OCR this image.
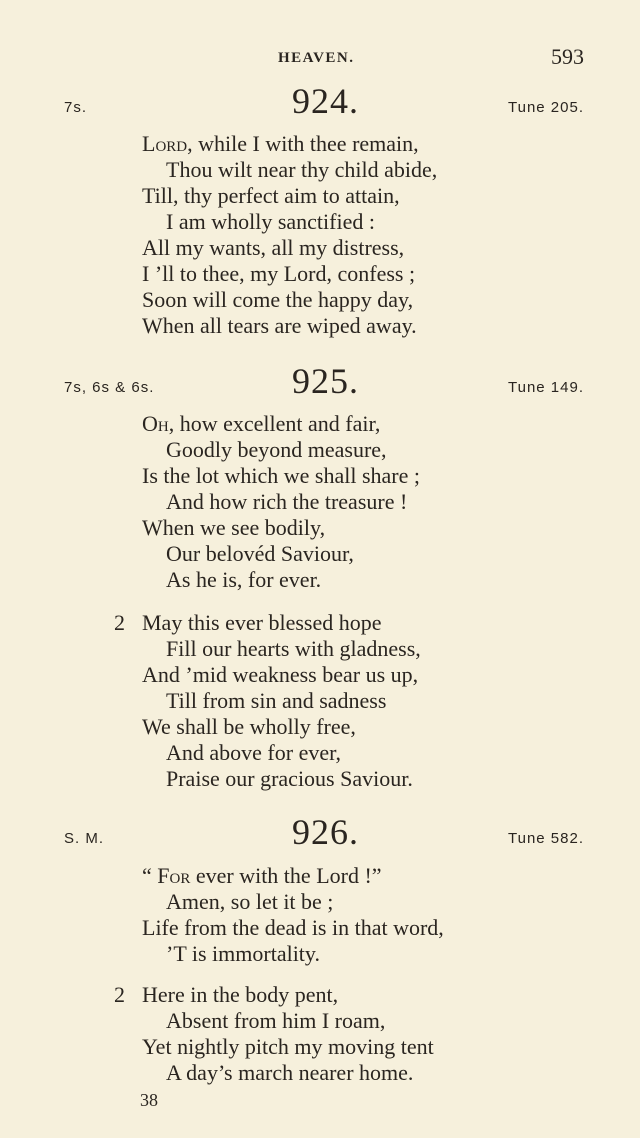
HEAVEN.	593
7s.	924.	Tune 205.
Lord, while I with thee remain,
Thou wilt near thy child abide,
Till, thy perfect aim to attain,
I am wholly sanctified :
All my wants, all my distress,
I ’ll to thee, my Lord, confess ;
Soon will come the happy day,
When all tears are wiped away.
7s, 6s & 6s.	925.	Tune 149.
Oh, how excellent and fair,
Goodly beyond measure,
Is the lot which we shall share ;
And how rich the treasure !
When we see bodily,
Our belovéd Saviour,
As he is, for ever.
2 May this ever blessed hope
Fill our hearts with gladness,
And ’mid weakness bear us up,
Till from sin and sadness
We shall be wholly free,
And above for ever,
Praise our gracious Saviour.
S. M.	926.	Tune 582.
“ For ever with the Lord !”
Amen, so let it be ;
Life from the dead is in that word,
’T is immortality.
2 Here in the body pent,
Absent from him I roam,
Yet nightly pitch my moving tent
A day’s march nearer home.
38
